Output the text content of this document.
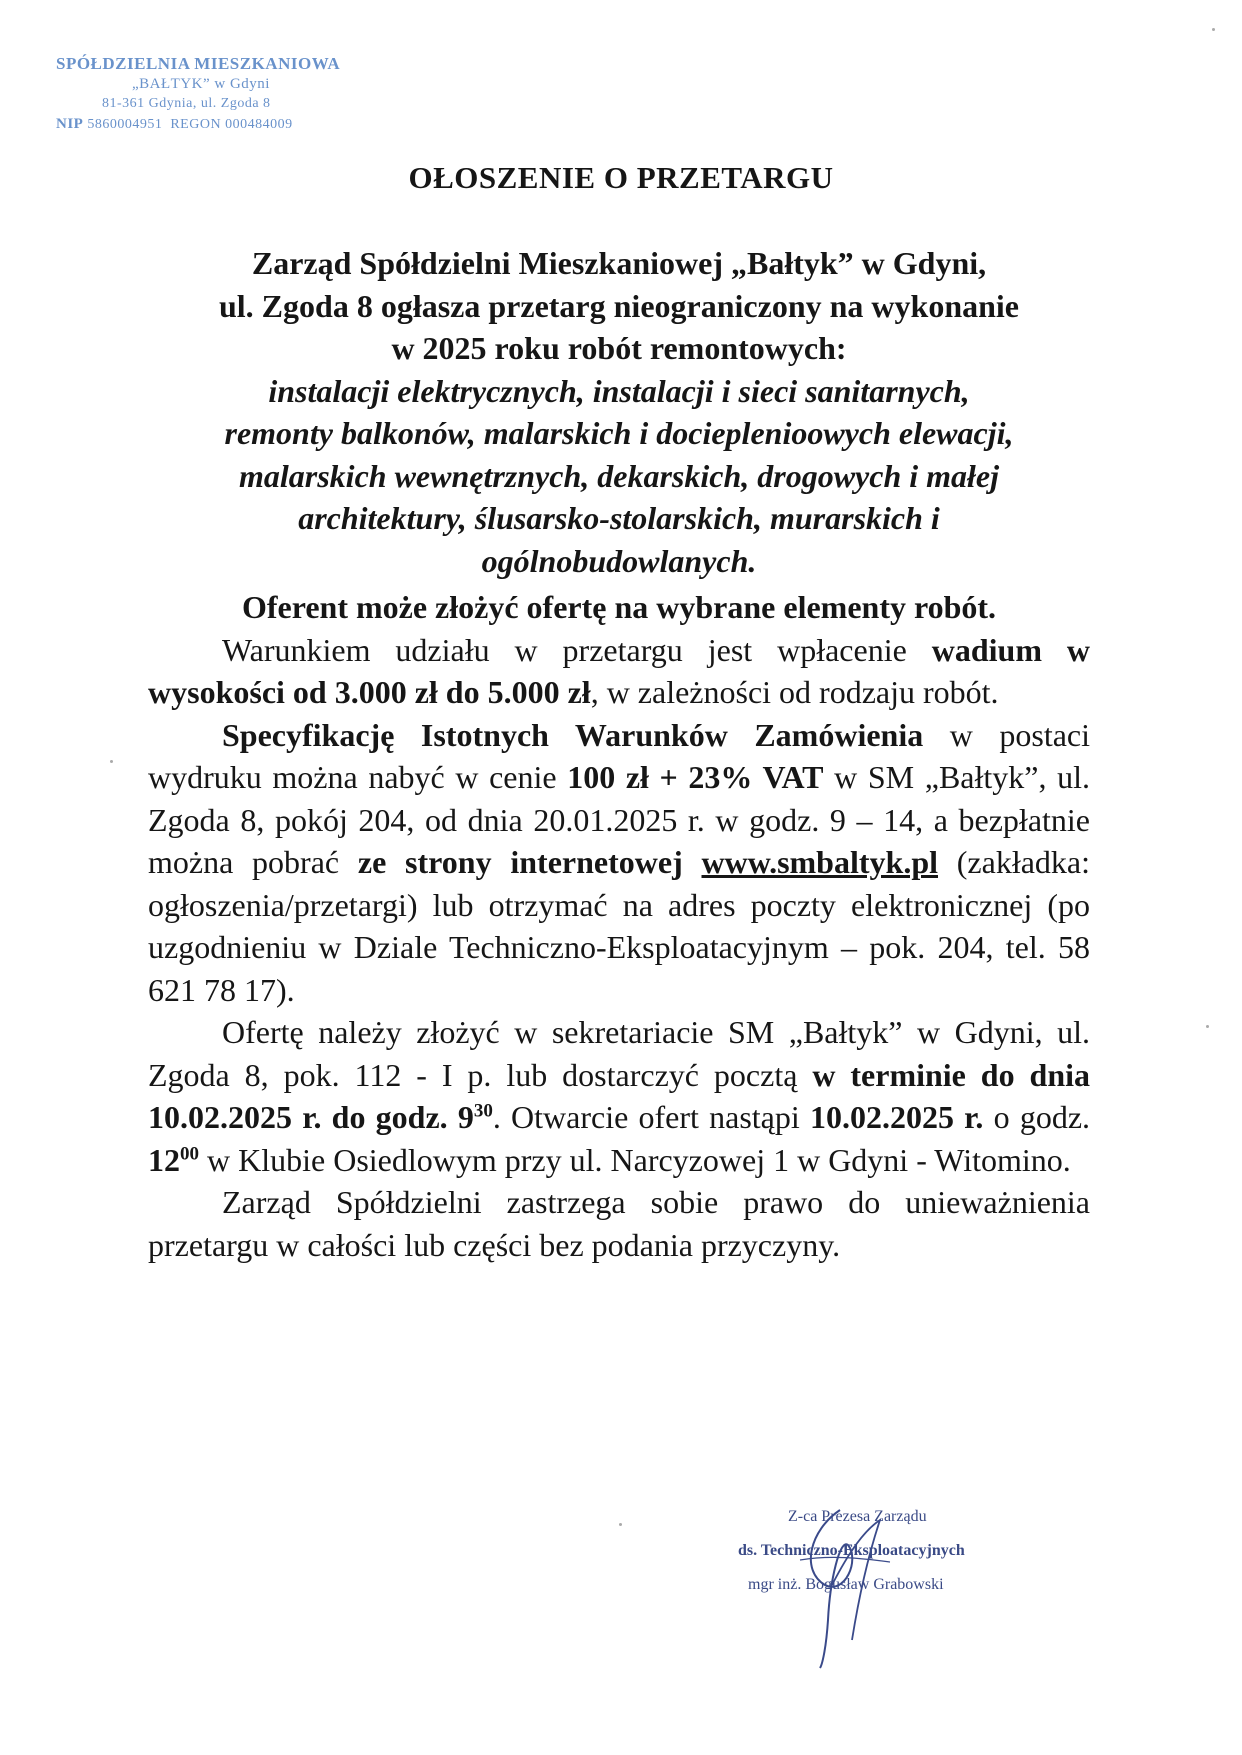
SPÓŁDZIELNIA MIESZKANIOWA
„BAŁTYK” w Gdyni
81-361 Gdynia, ul. Zgoda 8
NIP 5860004951 REGON 000484009
OŁOSZENIE O PRZETARGU
Zarząd Spółdzielni Mieszkaniowej „Bałtyk” w Gdyni,
ul. Zgoda 8 ogłasza przetarg nieograniczony na wykonanie
w 2025 roku robót remontowych:
instalacji elektrycznych, instalacji i sieci sanitarnych,
remonty balkonów, malarskich i docieplenioowych elewacji,
malarskich wewnętrznych, dekarskich, drogowych i małej
architektury, ślusarsko-stolarskich, murarskich i
ogólnobudowlanych.
Oferent może złożyć ofertę na wybrane elementy robót.

Warunkiem udziału w przetargu jest wpłacenie wadium w wysokości od 3.000 zł do 5.000 zł, w zależności od rodzaju robót.

Specyfikację Istotnych Warunków Zamówienia w postaci wydruku można nabyć w cenie 100 zł + 23% VAT w SM „Bałtyk”, ul. Zgoda 8, pokój 204, od dnia 20.01.2025 r. w godz. 9 – 14, a bezpłatnie można pobrać ze strony internetowej www.smbaltyk.pl (zakładka: ogłoszenia/przetargi) lub otrzymać na adres poczty elektronicznej (po uzgodnieniu w Dziale Techniczno-Eksploatacyjnym – pok. 204, tel. 58 621 78 17).

Ofertę należy złożyć w sekretariacie SM „Bałtyk” w Gdyni, ul. Zgoda 8, pok. 112 - I p. lub dostarczyć pocztą w terminie do dnia 10.02.2025 r. do godz. $9^{30}$. Otwarcie ofert nastąpi 10.02.2025 r. o godz. $12^{00}$ w Klubie Osiedlowym przy ul. Narcyzowej 1 w Gdyni - Witomino.

Zarząd Spółdzielni zastrzega sobie prawo do unieważnienia przetargu w całości lub części bez podania przyczyny.

Z-ca Prezesa Zarządu
ds. Techniczno-Eksploatacyjnych
mgr inż. Bogusław Grabowski
